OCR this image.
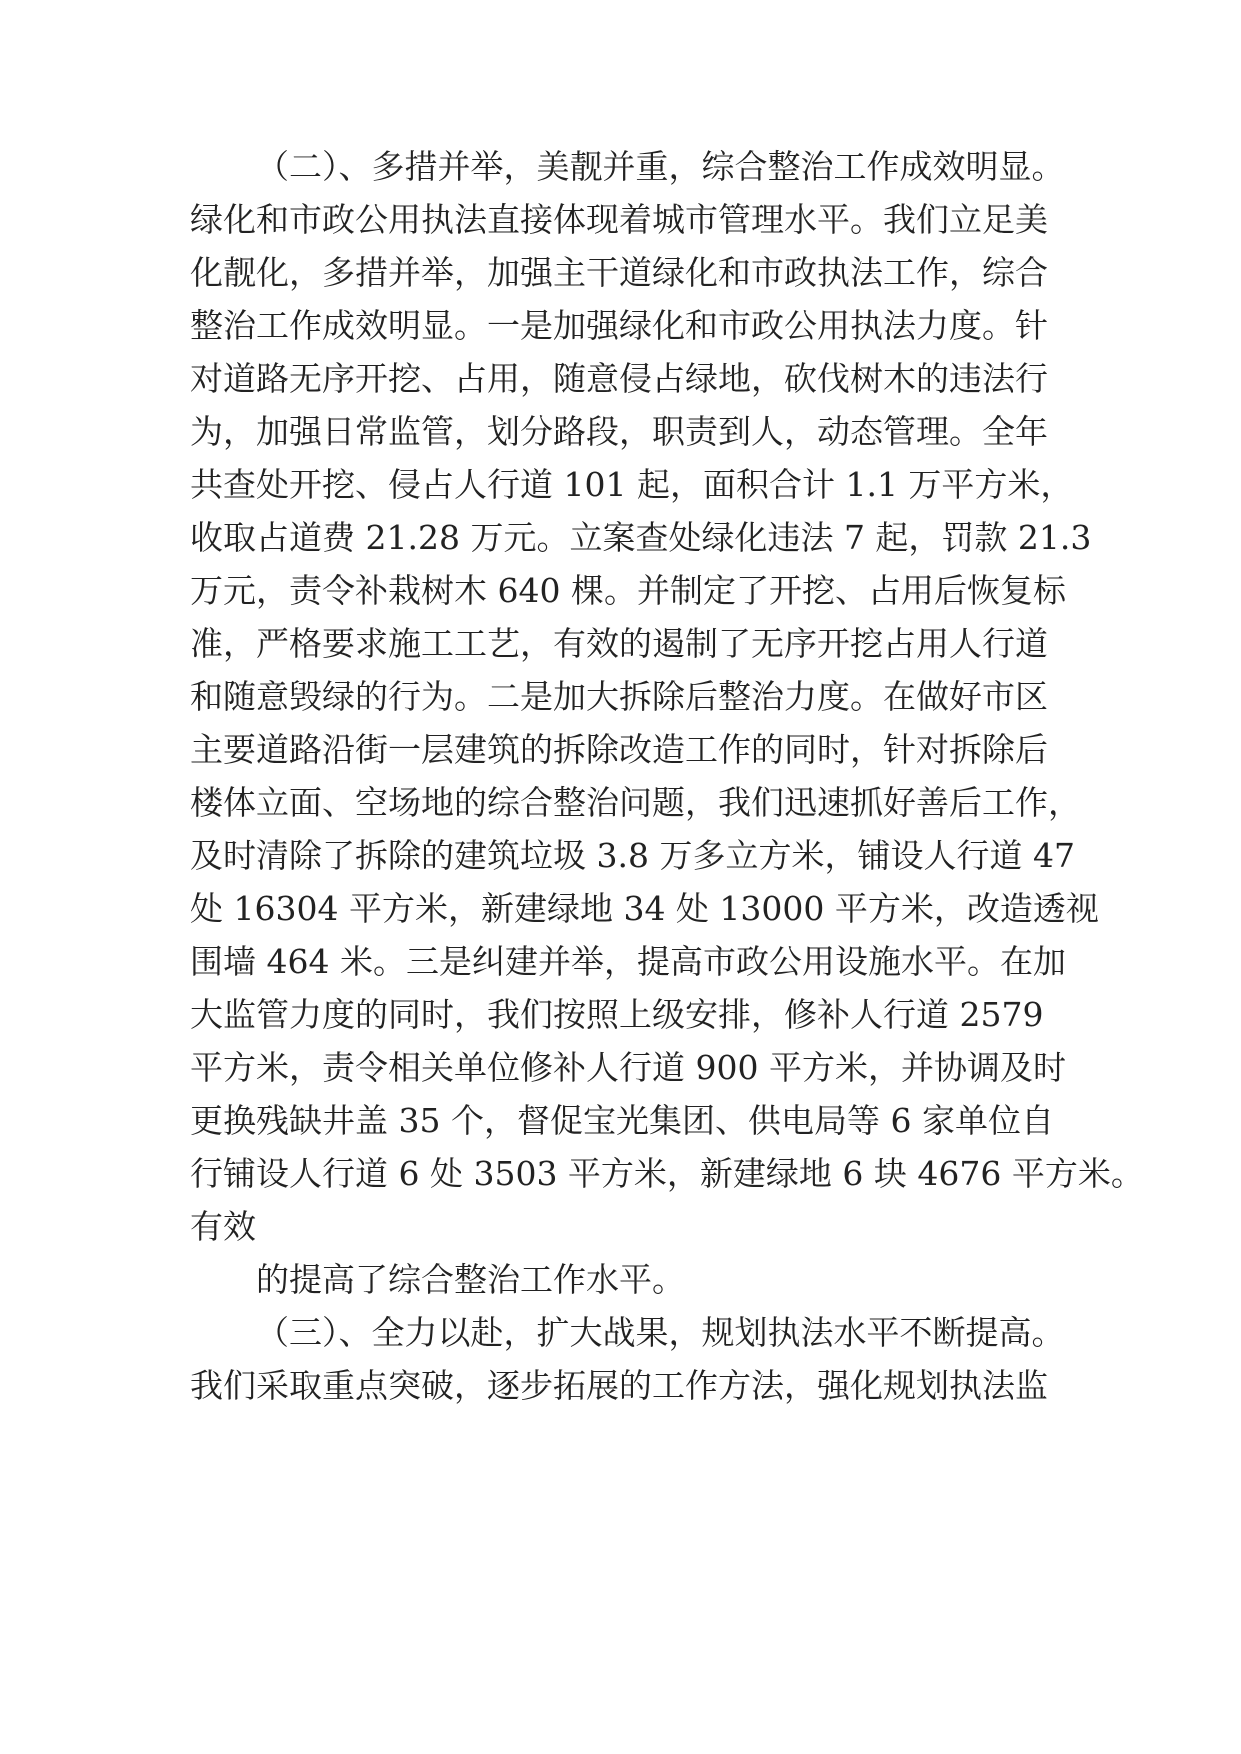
（二）、多措并举，美靓并重，综合整治工作成效明显。
绿化和市政公用执法直接体现着城市管理水平。我们立足美
化靓化，多措并举，加强主干道绿化和市政执法工作，综合
整治工作成效明显。一是加强绿化和市政公用执法力度。针
对道路无序开挖、占用，随意侵占绿地，砍伐树木的违法行
为，加强日常监管，划分路段，职责到人，动态管理。全年
共查处开挖、侵占人行道 101 起，面积合计 1.1 万平方米，
收取占道费 21.28 万元。立案查处绿化违法 7 起，罚款 21.3
万元，责令补栽树木 640 棵。并制定了开挖、占用后恢复标
准，严格要求施工工艺，有效的遏制了无序开挖占用人行道
和随意毁绿的行为。二是加大拆除后整治力度。在做好市区
主要道路沿街一层建筑的拆除改造工作的同时，针对拆除后
楼体立面、空场地的综合整治问题，我们迅速抓好善后工作，
及时清除了拆除的建筑垃圾 3.8 万多立方米，铺设人行道 47
处 16304 平方米，新建绿地 34 处 13000 平方米，改造透视
围墙 464 米。三是纠建并举，提高市政公用设施水平。在加
大监管力度的同时，我们按照上级安排，修补人行道 2579
平方米，责令相关单位修补人行道 900 平方米，并协调及时
更换残缺井盖 35 个，督促宝光集团、供电局等 6 家单位自
行铺设人行道 6 处 3503 平方米，新建绿地 6 块 4676 平方米。
有效
的提高了综合整治工作水平。
（三）、全力以赴，扩大战果，规划执法水平不断提高。
我们采取重点突破，逐步拓展的工作方法，强化规划执法监
